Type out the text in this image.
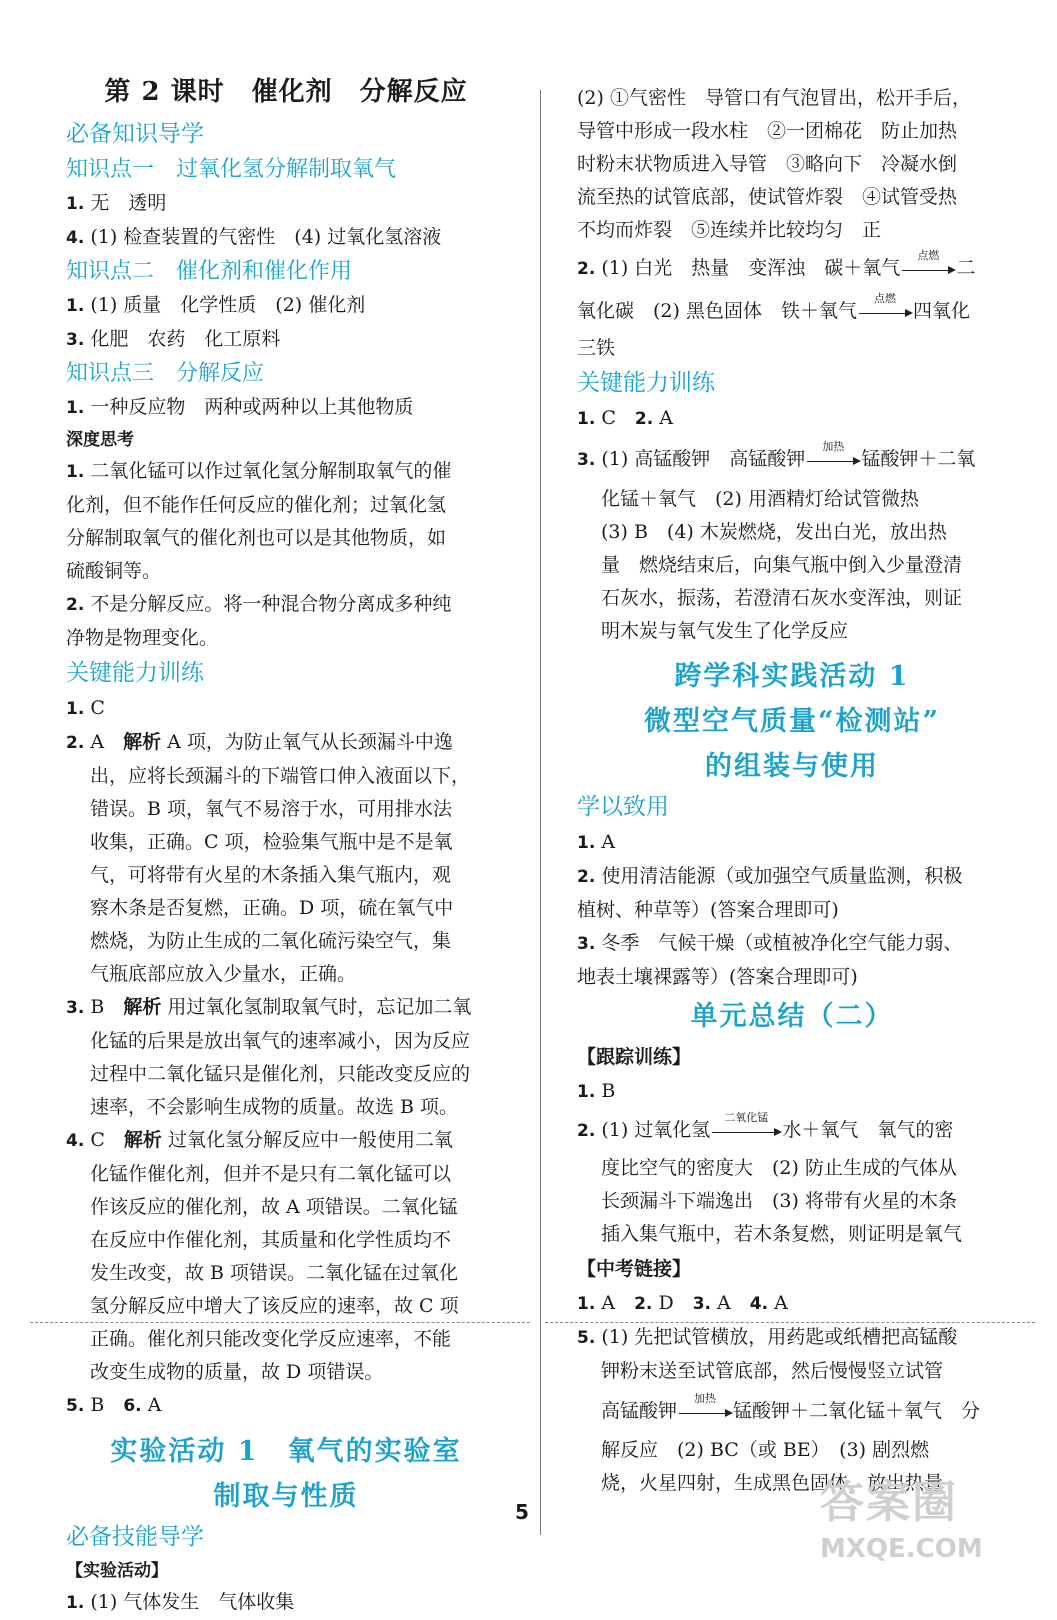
第 2 课时　催化剂　分解反应
必备知识导学
知识点一　过氧化氢分解制取氧气
1. 无　透明
4. (1) 检查装置的气密性　(4) 过氧化氢溶液
知识点二　催化剂和催化作用
1. (1) 质量　化学性质　(2) 催化剂
3. 化肥　农药　化工原料
知识点三　分解反应
1. 一种反应物　两种或两种以上其他物质
深度思考
1. 二氧化锰可以作过氧化氢分解制取氧气的催
化剂，但不能作任何反应的催化剂；过氧化氢
分解制取氧气的催化剂也可以是其他物质，如
硫酸铜等。
2. 不是分解反应。将一种混合物分离成多种纯
净物是物理变化。
关键能力训练
1. C
2. A　 解析 A 项，为防止氧气从长颈漏斗中逸
出，应将长颈漏斗的下端管口伸入液面以下，
错误。B 项，氧气不易溶于水，可用排水法
收集，正确。C 项，检验集气瓶中是不是氧
气，可将带有火星的木条插入集气瓶内，观
察木条是否复燃，正确。D 项，硫在氧气中
燃烧，为防止生成的二氧化硫污染空气，集
气瓶底部应放入少量水，正确。
3. B　 解析 用过氧化氢制取氧气时，忘记加二氧
化锰的后果是放出氧气的速率减小，因为反应
过程中二氧化锰只是催化剂，只能改变反应的
速率，不会影响生成物的质量。故选 B 项。
4. C　 解析 过氧化氢分解反应中一般使用二氧
化锰作催化剂，但并不是只有二氧化锰可以
作该反应的催化剂，故 A 项错误。二氧化锰
在反应中作催化剂，其质量和化学性质均不
发生改变，故 B 项错误。二氧化锰在过氧化
氢分解反应中增大了该反应的速率，故 C 项
正确。催化剂只能改变化学反应速率，不能
改变生成物的质量，故 D 项错误。
5. B　 6. A
实验活动 1　氧气的实验室
制取与性质
必备技能导学
【实验活动】
1. (1) 气体发生　气体收集
(2) ①气密性　导管口有气泡冒出，松开手后，
导管中形成一段水柱　②一团棉花　防止加热
时粉末状物质进入导管　③略向下　冷凝水倒
流至热的试管底部，使试管炸裂　④试管受热
不均而炸裂　⑤连续并比较均匀　正
2. (1) 白光　热量　变浑浊　碳＋氧气
点燃
二
氧化碳　(2) 黑色固体　铁＋氧气
点燃
四氧化
三铁
关键能力训练
1. C　 2. A
3. (1) 高锰酸钾　高锰酸钾
加热
锰酸钾＋二氧
化锰＋氧气　(2) 用酒精灯给试管微热
(3) B　(4) 木炭燃烧，发出白光，放出热
量　燃烧结束后，向集气瓶中倒入少量澄清
石灰水，振荡，若澄清石灰水变浑浊，则证
明木炭与氧气发生了化学反应
跨学科实践活动 1
微型空气质量“检测站”
的组装与使用
学以致用
1. A
2. 使用清洁能源（或加强空气质量监测，积极
植树、种草等）(答案合理即可)
3. 冬季　气候干燥（或植被净化空气能力弱、
地表土壤裸露等）(答案合理即可)
单元总结（二）
【跟踪训练】
1. B
2. (1) 过氧化氢
二氧化锰
水＋氧气　氧气的密
度比空气的密度大　(2) 防止生成的气体从
长颈漏斗下端逸出　(3) 将带有火星的木条
插入集气瓶中，若木条复燃，则证明是氧气
【中考链接】
1. A　 2. D　 3. A　 4. A
5. (1) 先把试管横放，用药匙或纸槽把高锰酸
钾粉末送至试管底部，然后慢慢竖立试管
高锰酸钾
加热
锰酸钾＋二氧化锰＋氧气　分
解反应　(2) BC（或 BE）　(3) 剧烈燃
烧，火星四射，生成黑色固体，放出热量
5	答案圈
MXQE.COM
